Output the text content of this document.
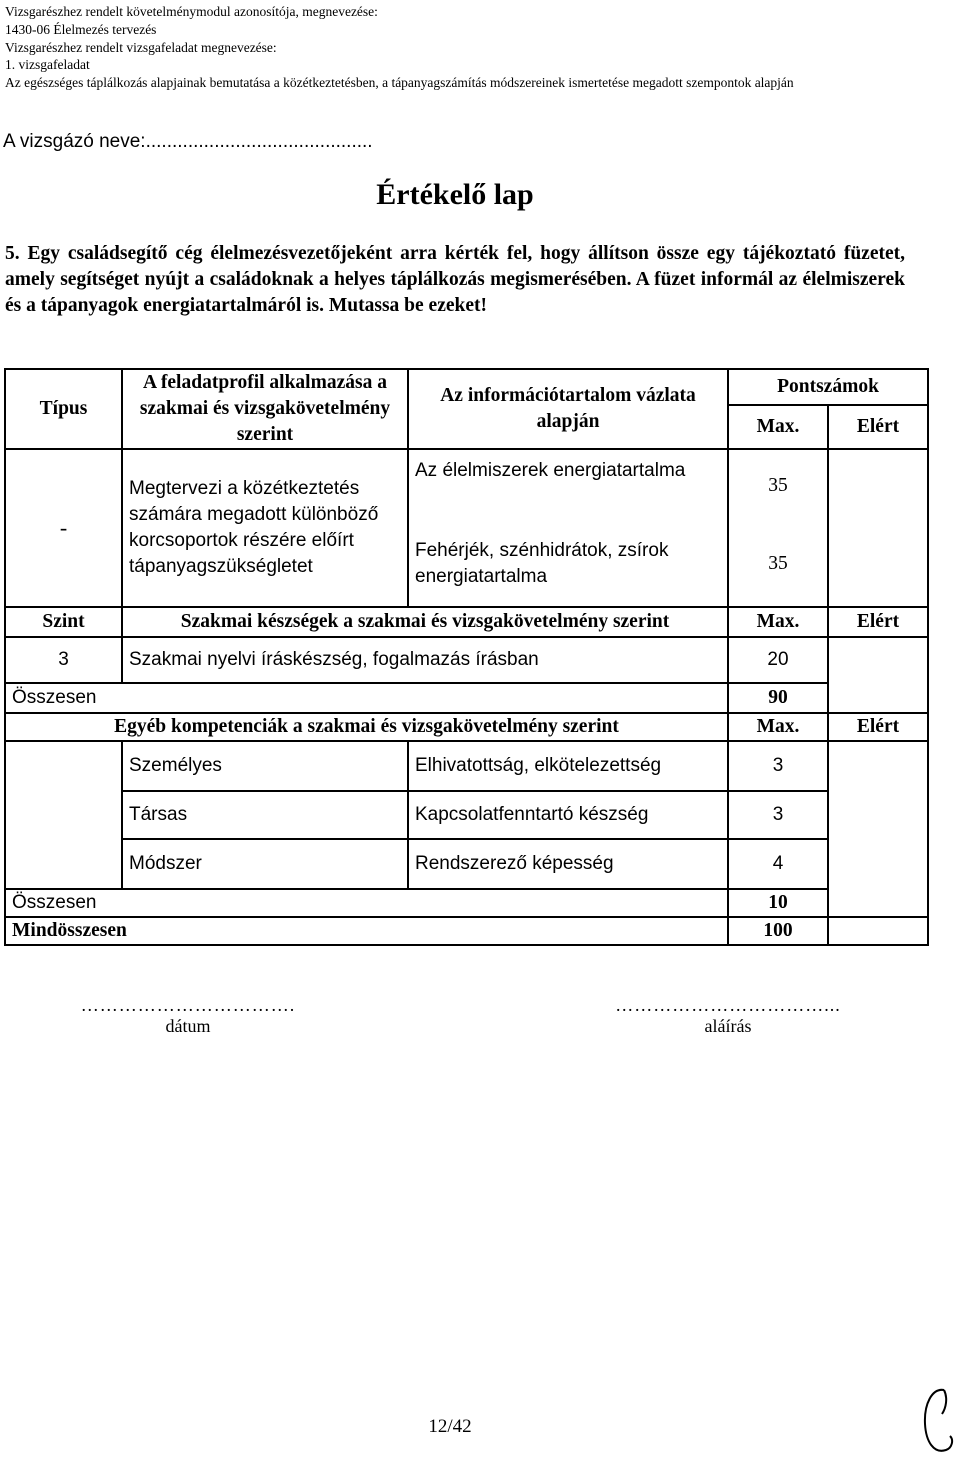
Vizsgarészhez rendelt követelménymodul azonosítója, megnevezése:
1430-06 Élelmezés tervezés
Vizsgarészhez rendelt vizsgafeladat megnevezése:
1. vizsgafeladat
Az egészséges táplálkozás alapjainak bemutatása a közétkeztetésben, a tápanyagszámítás módszereinek ismertetése megadott szempontok alapján
A vizsgázó neve:...........................................
Értékelő lap
5. Egy családsegítő cég élelmezésvezetőjeként arra kérték fel, hogy állítson össze egy tájékoztató füzetet, amely segítséget nyújt a családoknak a helyes táplálkozás megismerésében. A füzet informál az élelmiszerek és a tápanyagok energiatartalmáról is. Mutassa be ezeket!
Típus	A feladatprofil alkalmazása a szakmai és vizsgakövetelmény szerint	Az információtartalom vázlata alapján	Pontszámok	
			Max.	Elért
-	Megtervezi a közétkeztetés számára megadott különböző korcsoportok részére előírt tápanyagszükségletet	Az élelmiszerek energiatartalma	35	
		Fehérjék, szénhidrátok, zsírok energiatartalma	35	
Szint	Szakmai készségek a szakmai és vizsgakövetelmény szerint		Max.	Elért
3	Szakmai nyelvi íráskészség, fogalmazás írásban		20	
Összesen			90	
Egyéb kompetenciák a szakmai és vizsgakövetelmény szerint			Max.	Elért
	Személyes	Elhivatottság, elkötelezettség	3	
	Társas	Kapcsolatfenntartó készség	3	
	Módszer	Rendszerező képesség	4	
Összesen			10	
Mindösszesen			100	
…………………………….
dátum
……………………………...
aláírás
12/42
